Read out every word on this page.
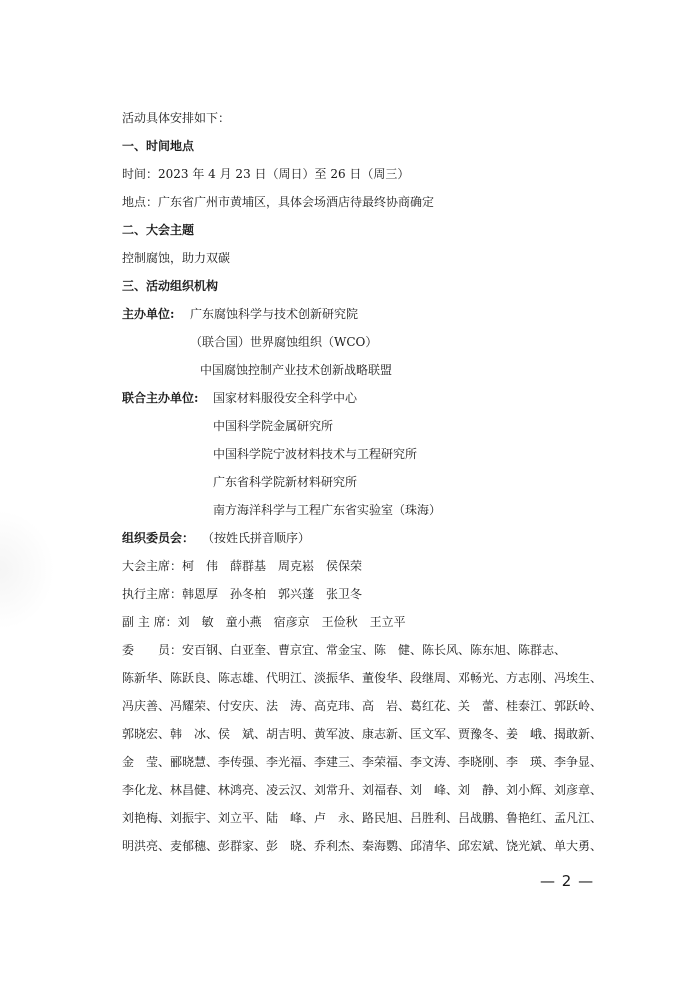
活动具体安排如下：
一、时间地点
时间：2023 年 4 月 23 日（周日）至 26 日（周三）
地点：广东省广州市黄埔区，具体会场酒店待最终协商确定
二、大会主题
控制腐蚀，助力双碳
三、活动组织机构
主办单位: 广东腐蚀科学与技术创新研究院
（联合国）世界腐蚀组织（WCO）
中国腐蚀控制产业技术创新战略联盟
联合主办单位: 国家材料服役安全科学中心
中国科学院金属研究所
中国科学院宁波材料技术与工程研究所
广东省科学院新材料研究所
南方海洋科学与工程广东省实验室（珠海）
组织委员会： （按姓氏拼音顺序）
大会主席：柯　伟　薛群基　周克崧　侯保荣
执行主席：韩恩厚　孙冬柏　郭兴蓬　张卫冬
副 主 席：刘　敏　童小燕　宿彦京　王俭秋　王立平
委　　员：安百钢、白亚奎、曹京宜、常金宝、陈　健、陈长风、陈东旭、陈群志、
陈新华、陈跃良、陈志雄、代明江、淡振华、董俊华、段继周、邓畅光、方志刚、冯埃生、
冯庆善、冯耀荣、付安庆、法　涛、高克玮、高　岩、葛红花、关　蕾、桂泰江、郭跃岭、
郭晓宏、韩　冰、侯　斌、胡吉明、黄军波、康志新、匡文军、贾豫冬、姜　峨、揭敢新、
金　莹、郦晓慧、李传强、李光福、李建三、李荣福、李文涛、李晓刚、李　瑛、李争显、
李化龙、林昌健、林鸿亮、凌云汉、刘常升、刘福春、刘　峰、刘　静、刘小辉、刘彦章、
刘艳梅、刘振宇、刘立平、陆　峰、卢　永、路民旭、吕胜利、吕战鹏、鲁艳红、孟凡江、
明洪亮、麦郁穗、彭群家、彭　晓、乔利杰、秦海鹦、邱清华、邱宏斌、饶光斌、单大勇、
— 2 —
